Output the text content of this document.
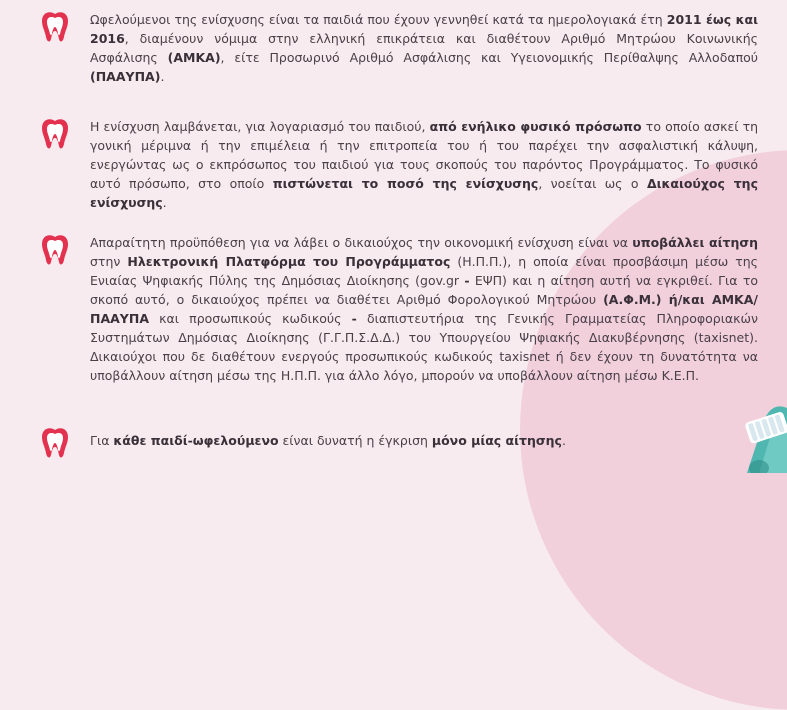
Ωφελούμενοι της ενίσχυσης είναι τα παιδιά που έχουν γεννηθεί κατά τα ημερολογιακά έτη 2011 έως και 2016, διαμένουν νόμιμα στην ελληνική επικράτεια και διαθέτουν Αριθμό Μητρώου Κοινωνικής Ασφάλισης (ΑΜΚΑ), είτε Προσωρινό Αριθμό Ασφάλισης και Υγειονομικής Περίθαλψης Αλλοδαπού (ΠΑΑΥΠΑ).

Η ενίσχυση λαμβάνεται, για λογαριασμό του παιδιού, από ενήλικο φυσικό πρόσωπο το οποίο ασκεί τη γονική μέριμνα ή την επιμέλεια ή την επιτροπεία του ή του παρέχει την ασφαλιστική κάλυψη, ενεργώντας ως ο εκπρόσωπος του παιδιού για τους σκοπούς του παρόντος Προγράμματος. Το φυσικό αυτό πρόσωπο, στο οποίο πιστώνεται το ποσό της ενίσχυσης, νοείται ως ο Δικαιούχος της ενίσχυσης.

Απαραίτητη προϋπόθεση για να λάβει ο δικαιούχος την οικονομική ενίσχυση είναι να υποβάλλει αίτηση στην Ηλεκτρονική Πλατφόρμα του Προγράμματος (Η.Π.Π.), η οποία είναι προσβάσιμη μέσω της Ενιαίας Ψηφιακής Πύλης της Δημόσιας Διοίκησης (gov.gr - ΕΨΠ) και η αίτηση αυτή να εγκριθεί. Για το σκοπό αυτό, ο δικαιούχος πρέπει να διαθέτει Αριθμό Φορολογικού Μητρώου (Α.Φ.Μ.) ή/και ΑΜΚΑ/ ΠΑΑΥΠΑ και προσωπικούς κωδικούς - διαπιστευτήρια της Γενικής Γραμματείας Πληροφοριακών Συστημάτων Δημόσιας Διοίκησης (Γ.Γ.Π.Σ.Δ.Δ.) του Υπουργείου Ψηφιακής Διακυβέρνησης (taxisnet). Δικαιούχοι που δε διαθέτουν ενεργούς προσωπικούς κωδικούς taxisnet ή δεν έχουν τη δυνατότητα να υποβάλλουν αίτηση μέσω της Η.Π.Π. για άλλο λόγο, μπορούν να υποβάλλουν αίτηση μέσω Κ.Ε.Π.

Για κάθε παιδί-ωφελούμενο είναι δυνατή η έγκριση μόνο μίας αίτησης.
